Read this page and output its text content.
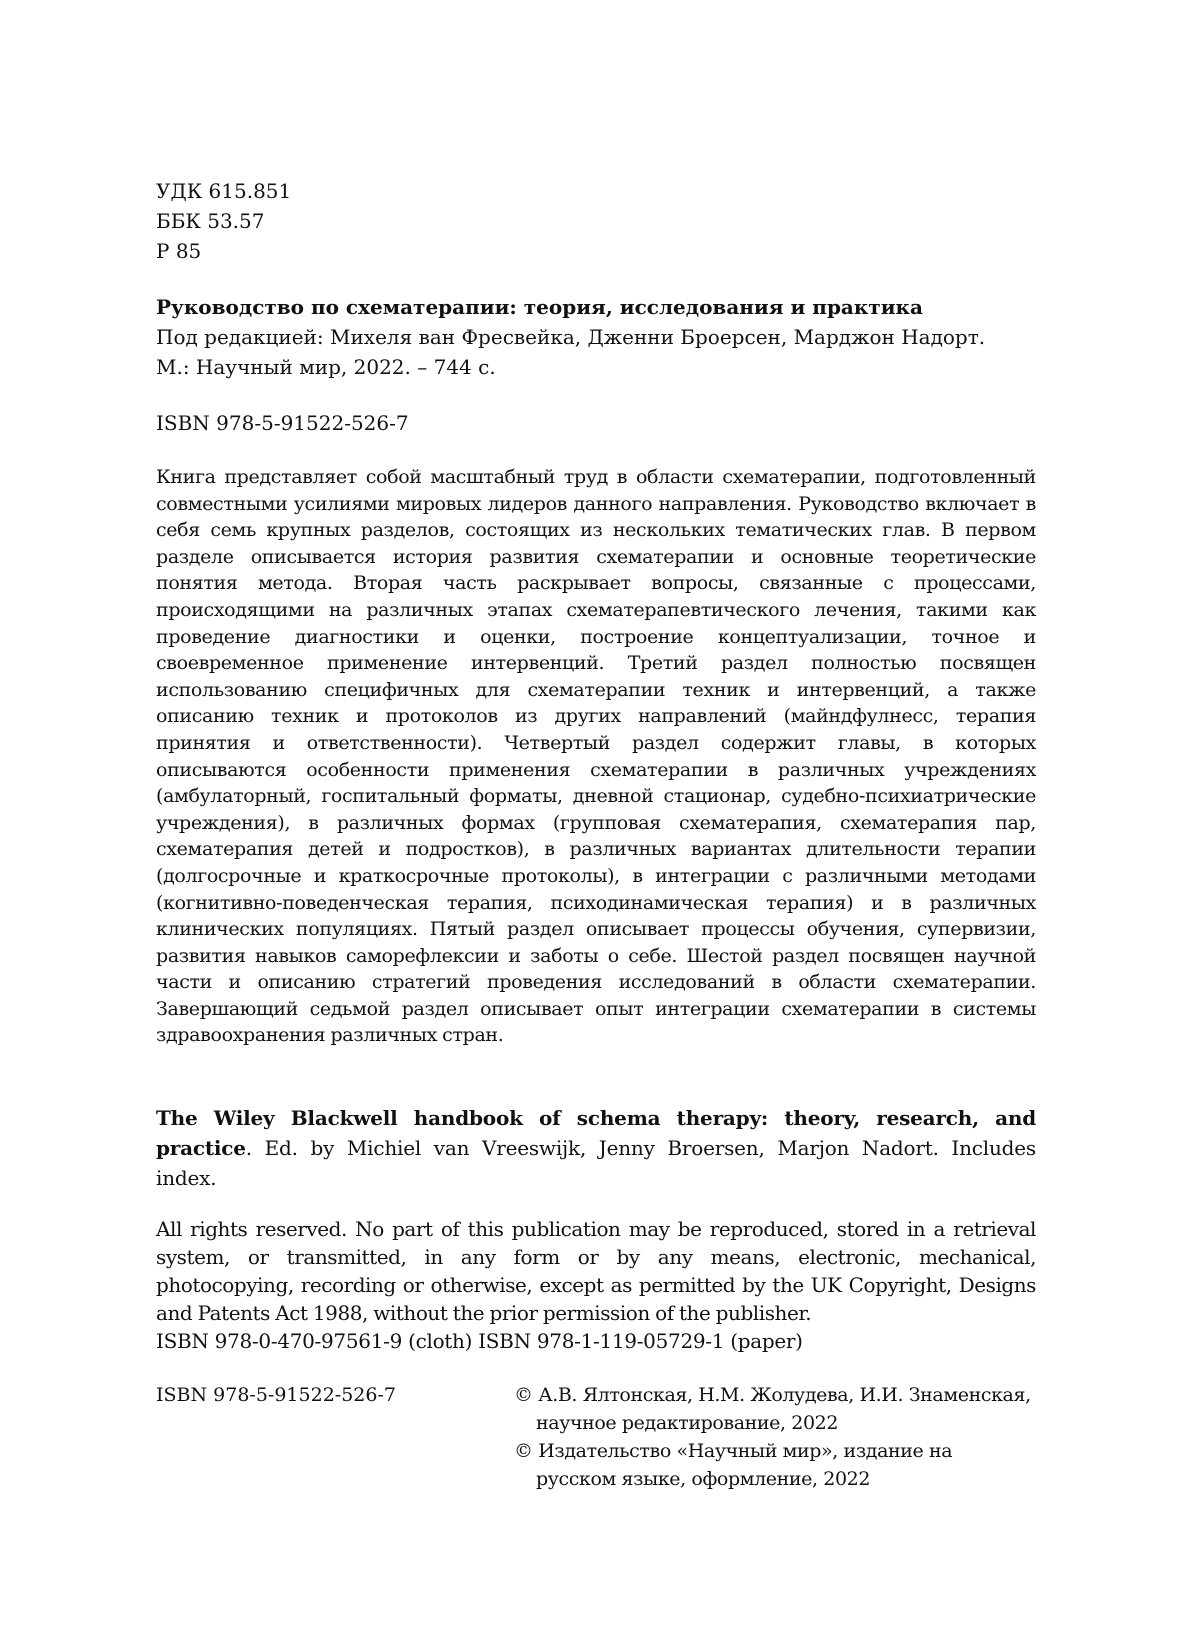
УДК 615.851
ББК 53.57
Р 85
Руководство по схематерапии: теория, исследования и практика
Под редакцией: Михеля ван Фресвейка, Дженни Броерсен, Марджон Надорт.
М.: Научный мир, 2022. – 744 с.
ISBN 978-5-91522-526-7
Книга представляет собой масштабный труд в области схематерапии, подготовленный совместными усилиями мировых лидеров данного направления. Руководство включает в себя семь крупных разделов, состоящих из нескольких тематических глав. В первом разделе описывается история развития схематерапии и основные теоретические понятия метода. Вторая часть раскрывает вопросы, связанные с процессами, происходящими на различных этапах схематерапевтического лечения, такими как проведение диагностики и оценки, построение концептуализации, точное и своевременное применение интервенций. Третий раздел полностью посвящен использованию специфичных для схематерапии техник и интервенций, а также описанию техник и протоколов из других направлений (майндфулнесс, терапия принятия и ответственности). Четвертый раздел содержит главы, в которых описываются особенности применения схематерапии в различных учреждениях (амбулаторный, госпитальный форматы, дневной стационар, судебно-психиатрические учреждения), в различных формах (групповая схематерапия, схематерапия пар, схематерапия детей и подростков), в различных вариантах длительности терапии (долгосрочные и краткосрочные протоколы), в интеграции с различными методами (когнитивно-поведенческая терапия, психодинамическая терапия) и в различных клинических популяциях. Пятый раздел описывает процессы обучения, супервизии, развития навыков саморефлексии и заботы о себе. Шестой раздел посвящен научной части и описанию стратегий проведения исследований в области схематерапии. Завершающий седьмой раздел описывает опыт интеграции схематерапии в системы здравоохранения различных стран.
The Wiley Blackwell handbook of schema therapy: theory, research, and practice. Ed. by Michiel van Vreeswijk, Jenny Broersen, Marjon Nadort. Includes index.
All rights reserved. No part of this publication may be reproduced, stored in a retrieval system, or transmitted, in any form or by any means, electronic, mechanical, photocopying, recording or otherwise, except as permitted by the UK Copyright, Designs and Patents Act 1988, without the prior permission of the publisher.
ISBN 978-0-470-97561-9 (cloth) ISBN 978-1-119-05729-1 (paper)
ISBN 978-5-91522-526-7	© А.В. Ялтонская, Н.М. Жолудева, И.И. Знаменская, научное редактирование, 2022
© Издательство «Научный мир», издание на русском языке, оформление, 2022
